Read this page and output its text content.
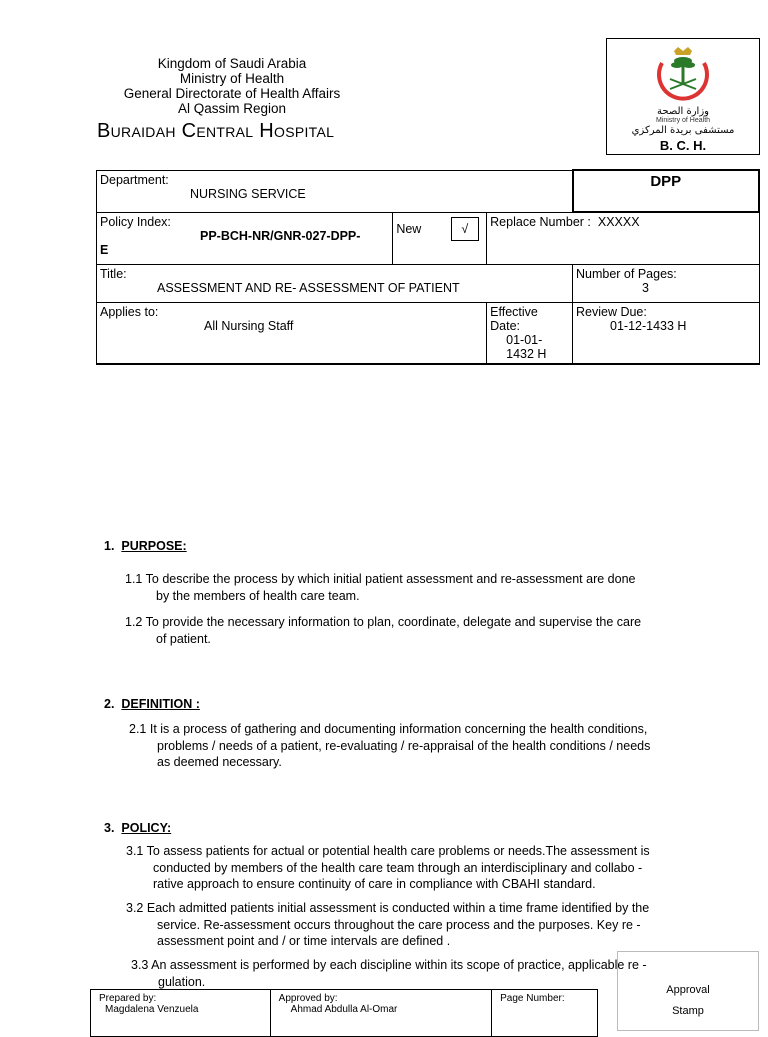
Kingdom of Saudi Arabia
Ministry of Health
General Directorate of Health Affairs
Al Qassim Region
Buraidah Central Hospital
وزارة الصحة
Ministry of Health
مستشفى بريدة المركزي
B. C. H.
Department:
NURSING SERVICE			DPP
Policy Index:
PP-BCH-NR/GNR-027-DPP-
E	New √	Replace Number : XXXXX	
Title:
ASSESSMENT AND RE- ASSESSMENT OF PATIENT			Number of Pages:
3

Applies to:
All Nursing Staff		Effective Date:
01-01-1432 H	Review Due:
01-12-1433 H
1. PURPOSE:
1.1 To describe the process by which initial patient assessment and re-assessment are done
by the members of health care team.
1.2 To provide the necessary information to plan, coordinate, delegate and supervise the care
of patient.
2. DEFINITION :
2.1 It is a process of gathering and documenting information concerning the health conditions,
problems / needs of a patient, re-evaluating / re-appraisal of the health conditions / needs
as deemed necessary.
3. POLICY:
3.1 To assess patients for actual or potential health care problems or needs.The assessment is
conducted by members of the health care team through an interdisciplinary and collabo -
rative approach to ensure continuity of care in compliance with CBAHI standard.
3.2 Each admitted patients initial assessment is conducted within a time frame identified by the
service. Re-assessment occurs throughout the care process and the purposes. Key re -
assessment point and / or time intervals are defined .
3.3 An assessment is performed by each discipline within its scope of practice, applicable re -
gulation.
Prepared by:
Magdalena Venzuela

Approved by:
Ahmad Abdulla Al-Omar

Page Number:
Approval
Stamp
